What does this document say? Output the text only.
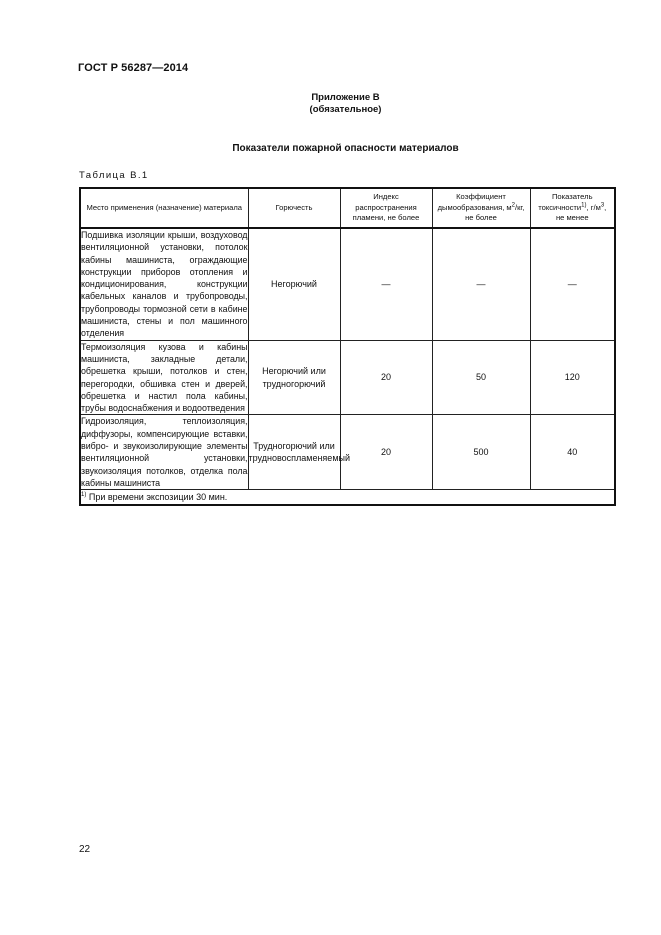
ГОСТ Р 56287—2014
Приложение В
(обязательное)
Показатели пожарной опасности материалов
Таблица В.1
Место применения (назначение) материала	Горючесть	Индекс распространения пламени, не более	Коэффициент дымообразования, $м^2/кг$, не более	Показатель токсичности$^{1)}$, $г/м^3$, не менее
Подшивка изоляции крыши, воздуховод вентиляционной установки, потолок кабины машиниста, ограждающие конструкции приборов отопления и кондиционирования, конструкции кабельных каналов и трубопроводы, трубопроводы тормозной сети в кабине машиниста, стены и пол машинного отделения	Негорючий	—	—	—
Термоизоляция кузова и кабины машиниста, закладные детали, обрешетка крыши, потолков и стен, перегородки, обшивка стен и дверей, обрешетка и настил пола кабины, трубы водоснабжения и водоотведения	Негорючий или трудногорючий	20	50	120
Гидроизоляция, теплоизоляция, диффузоры, компенсирующие вставки, вибро- и звукоизолирующие элементы вентиляционной установки, звукоизоляция потолков, отделка пола кабины машиниста	Трудногорючий или трудновоспламеняемый	20	500	40
$^{1)}$ При времени экспозиции 30 мин.				
22
